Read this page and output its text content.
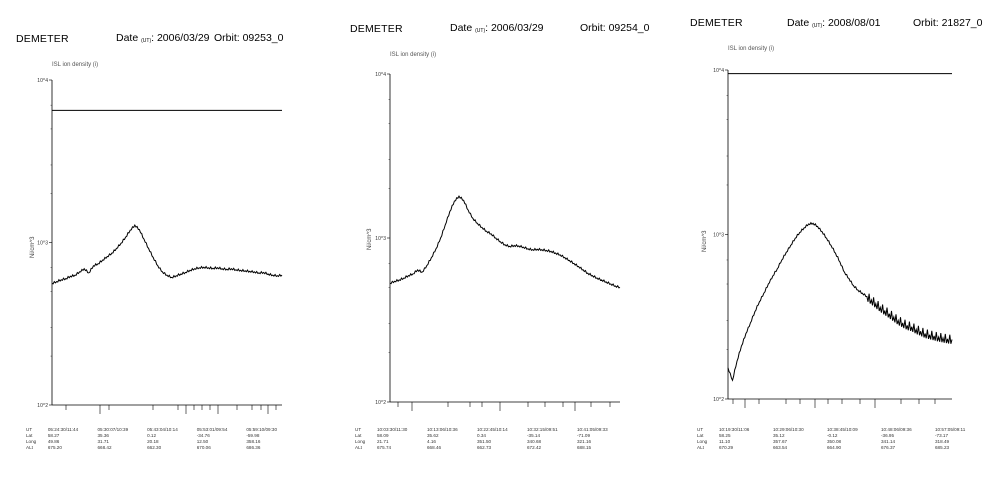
DEMETER	Date $_{(UT)}$: 2006/03/29 Orbit: 09253_0
ISL ion density (i)
Ni/cm^3
10^4
10^3
10^2
UT	05:24:30/11:44	05:30:07/10:39	05:43:04/10:14	05:53:01/09:54	05:59:10/09:30
Lat	58.27	35.36	0.12	-34.76	-59.98
Long	49.86	31.71	20.18	12.50	358.16
ALt	675.20	668.42	662.30	670.06	686.36
DEMETER	Date $_{(UT)}$: 2006/03/29	Orbit: 09254_0
ISL ion density (i)
Ni/cm^3
10^4
10^3
10^2
UT	10:03:30/11:30	10:13:06/10:36	10:22:45/10:14	10:32:15/09:51	10:41:05/09:33
Lat	58.09	35.62	0.34	-35.14	-71.09
Long	21.71	4.16	351.50	340.68	321.16
ALt	675.74	668.46	662.73	672.42	688.15
DEMETER	Date $_{(UT)}$: 2008/08/01	Orbit: 21827_0
ISL ion density (i)
Ni/cm^3
10^4
10^3
10^2
UT	10:19:30/11:06	10:29:06/10:30	10:38:45/10:09	10:48:06/09:36	10:57:05/09:11
Lat	58.25	35.12	-0.12	-36.95	-73.17
Long	11.10	357.67	350.08	341.14	318.49
ALt	670.29	663.54	664.90	676.37	685.23
